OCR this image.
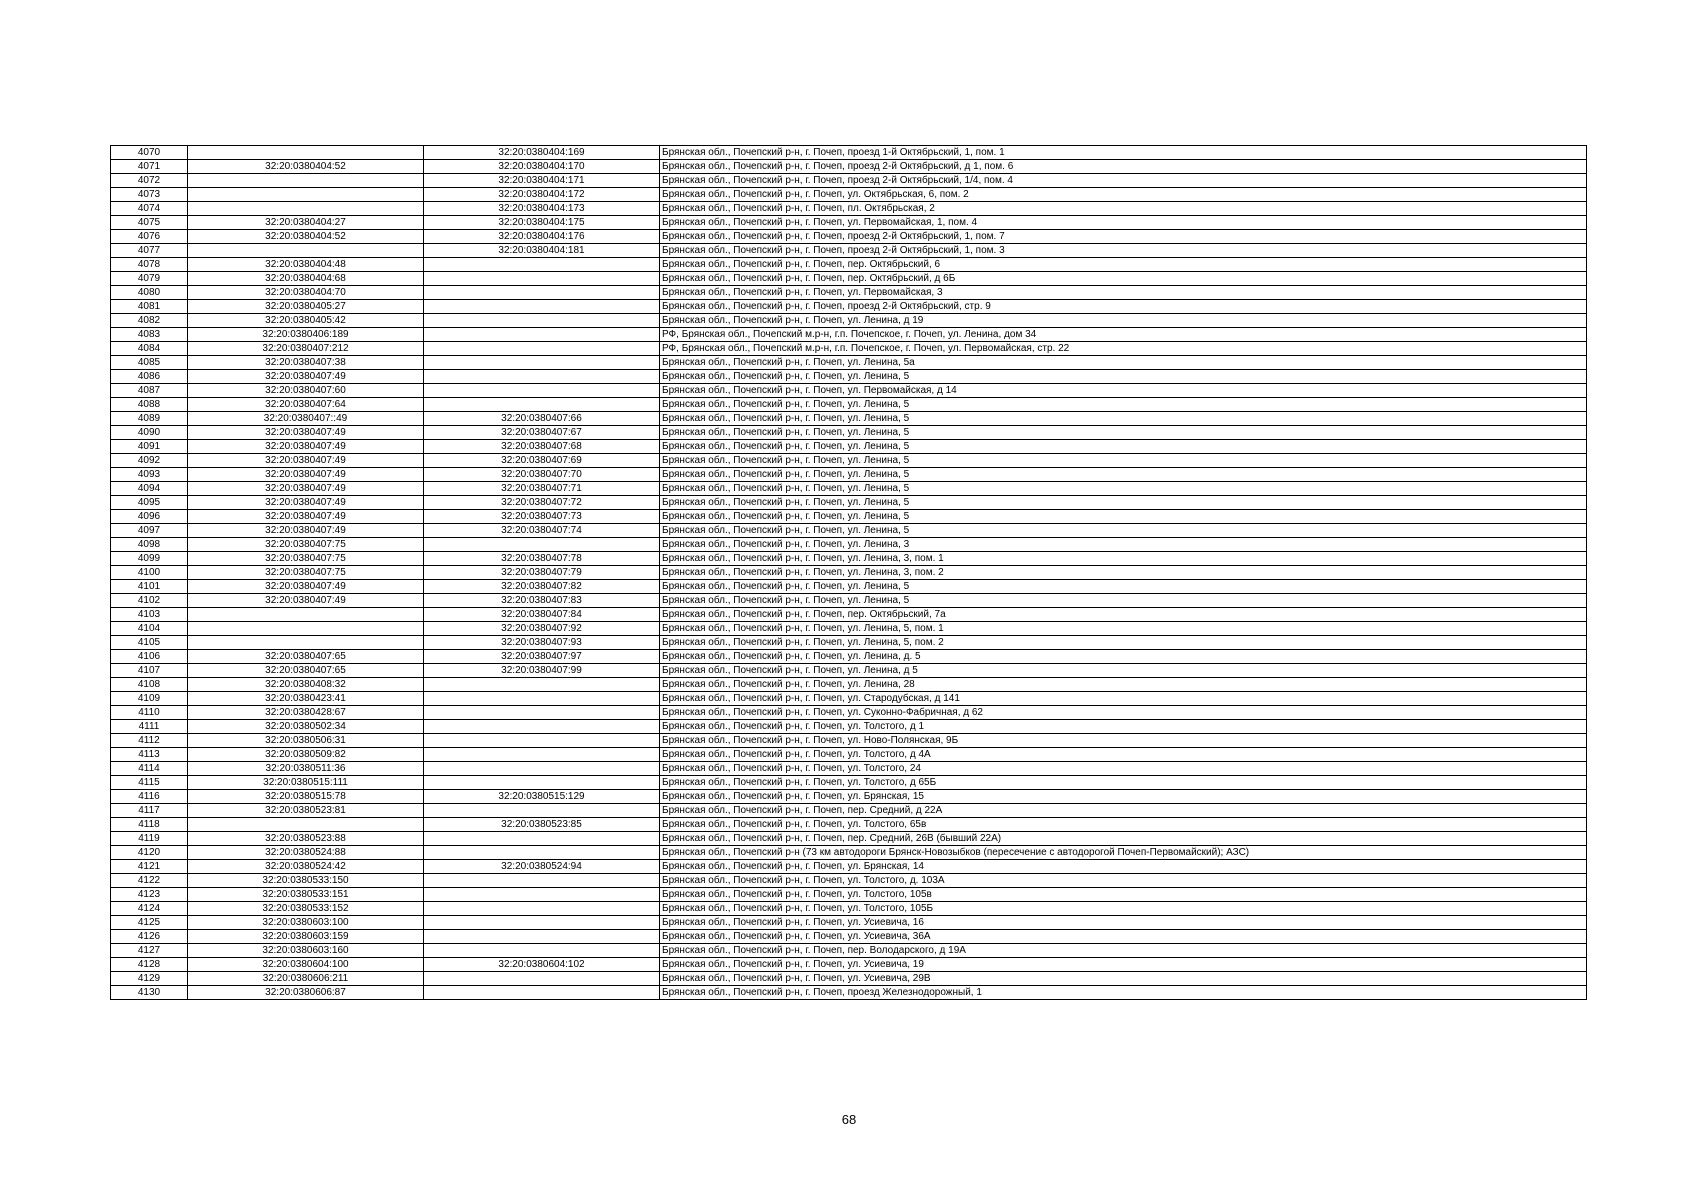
4070		32:20:0380404:169	Брянская обл., Почепский р-н, г. Почеп, проезд 1-й Октябрьский, 1, пом. 1
4071	32:20:0380404:52	32:20:0380404:170	Брянская обл., Почепский р-н, г. Почеп, проезд 2-й Октябрьский, д 1, пом. 6
4072		32:20:0380404:171	Брянская обл., Почепский р-н, г. Почеп, проезд 2-й Октябрьский, 1/4, пом. 4
4073		32:20:0380404:172	Брянская обл., Почепский р-н, г. Почеп, ул. Октябрьская, 6, пом. 2
4074		32:20:0380404:173	Брянская обл., Почепский р-н, г. Почеп, пл. Октябрьская, 2
4075	32:20:0380404:27	32:20:0380404:175	Брянская обл., Почепский р-н, г. Почеп, ул. Первомайская, 1, пом. 4
4076	32:20:0380404:52	32:20:0380404:176	Брянская обл., Почепский р-н, г. Почеп, проезд 2-й Октябрьский, 1, пом. 7
4077		32:20:0380404:181	Брянская обл., Почепский р-н, г. Почеп, проезд 2-й Октябрьский, 1, пом. 3
4078	32:20:0380404:48		Брянская обл., Почепский р-н, г. Почеп, пер. Октябрьский, 6
4079	32:20:0380404:68		Брянская обл., Почепский р-н, г. Почеп, пер. Октябрьский, д 6Б
4080	32:20:0380404:70		Брянская обл., Почепский р-н, г. Почеп, ул. Первомайская, 3
4081	32:20:0380405:27		Брянская обл., Почепский р-н, г. Почеп, проезд 2-й Октябрьский, стр. 9
4082	32:20:0380405:42		Брянская обл., Почепский р-н, г. Почеп, ул. Ленина, д 19
4083	32:20:0380406:189		РФ, Брянская обл., Почепский м.р-н, г.п. Почепское, г. Почеп, ул. Ленина, дом 34
4084	32:20:0380407:212		РФ, Брянская обл., Почепский м.р-н, г.п. Почепское, г. Почеп, ул. Первомайская, стр. 22
4085	32:20:0380407:38		Брянская обл., Почепский р-н, г. Почеп, ул. Ленина, 5а
4086	32:20:0380407:49		Брянская обл., Почепский р-н, г. Почеп, ул. Ленина, 5
4087	32:20:0380407:60		Брянская обл., Почепский р-н, г. Почеп, ул. Первомайская, д 14
4088	32:20:0380407:64		Брянская обл., Почепский р-н, г. Почеп, ул. Ленина, 5
4089	32:20:0380407::49	32:20:0380407:66	Брянская обл., Почепский р-н, г. Почеп, ул. Ленина, 5
4090	32:20:0380407:49	32:20:0380407:67	Брянская обл., Почепский р-н, г. Почеп, ул. Ленина, 5
4091	32:20:0380407:49	32:20:0380407:68	Брянская обл., Почепский р-н, г. Почеп, ул. Ленина, 5
4092	32:20:0380407:49	32:20:0380407:69	Брянская обл., Почепский р-н, г. Почеп, ул. Ленина, 5
4093	32:20:0380407:49	32:20:0380407:70	Брянская обл., Почепский р-н, г. Почеп, ул. Ленина, 5
4094	32:20:0380407:49	32:20:0380407:71	Брянская обл., Почепский р-н, г. Почеп, ул. Ленина, 5
4095	32:20:0380407:49	32:20:0380407:72	Брянская обл., Почепский р-н, г. Почеп, ул. Ленина, 5
4096	32:20:0380407:49	32:20:0380407:73	Брянская обл., Почепский р-н, г. Почеп, ул. Ленина, 5
4097	32:20:0380407:49	32:20:0380407:74	Брянская обл., Почепский р-н, г. Почеп, ул. Ленина, 5
4098	32:20:0380407:75		Брянская обл., Почепский р-н, г. Почеп, ул. Ленина, 3
4099	32:20:0380407:75	32:20:0380407:78	Брянская обл., Почепский р-н, г. Почеп, ул. Ленина, 3, пом. 1
4100	32:20:0380407:75	32:20:0380407:79	Брянская обл., Почепский р-н, г. Почеп, ул. Ленина, 3, пом. 2
4101	32:20:0380407:49	32:20:0380407:82	Брянская обл., Почепский р-н, г. Почеп, ул. Ленина, 5
4102	32:20:0380407:49	32:20:0380407:83	Брянская обл., Почепский р-н, г. Почеп, ул. Ленина, 5
4103		32:20:0380407:84	Брянская обл., Почепский р-н, г. Почеп, пер. Октябрьский, 7а
4104		32:20:0380407:92	Брянская обл., Почепский р-н, г. Почеп, ул. Ленина, 5, пом. 1
4105		32:20:0380407:93	Брянская обл., Почепский р-н, г. Почеп, ул. Ленина, 5, пом. 2
4106	32:20:0380407:65	32:20:0380407:97	Брянская обл., Почепский р-н, г. Почеп, ул. Ленина, д. 5
4107	32:20:0380407:65	32:20:0380407:99	Брянская обл., Почепский р-н, г. Почеп, ул. Ленина, д 5
4108	32:20:0380408:32		Брянская обл., Почепский р-н, г. Почеп, ул. Ленина, 28
4109	32:20:0380423:41		Брянская обл., Почепский р-н, г. Почеп, ул. Стародубская, д 141
4110	32:20:0380428:67		Брянская обл., Почепский р-н, г. Почеп, ул. Суконно-Фабричная, д 62
4111	32:20:0380502:34		Брянская обл., Почепский р-н, г. Почеп, ул. Толстого, д 1
4112	32:20:0380506:31		Брянская обл., Почепский р-н, г. Почеп, ул. Ново-Полянская, 9Б
4113	32:20:0380509:82		Брянская обл., Почепский р-н, г. Почеп, ул. Толстого, д 4А
4114	32:20:0380511:36		Брянская обл., Почепский р-н, г. Почеп, ул. Толстого, 24
4115	32:20:0380515:111		Брянская обл., Почепский р-н, г. Почеп, ул. Толстого, д 65Б
4116	32:20:0380515:78	32:20:0380515:129	Брянская обл., Почепский р-н, г. Почеп, ул. Брянская, 15
4117	32:20:0380523:81		Брянская обл., Почепский р-н, г. Почеп, пер. Средний, д 22А
4118		32:20:0380523:85	Брянская обл., Почепский р-н, г. Почеп, ул. Толстого, 65в
4119	32:20:0380523:88		Брянская обл., Почепский р-н, г. Почеп, пер. Средний, 26В (бывший 22А)
4120	32:20:0380524:88		Брянская обл., Почепский р-н (73 км автодороги Брянск-Новозыбков (пересечение с автодорогой Почеп-Первомайский); АЗС)
4121	32:20:0380524:42	32:20:0380524:94	Брянская обл., Почепский р-н, г. Почеп, ул. Брянская, 14
4122	32:20:0380533:150		Брянская обл., Почепский р-н, г. Почеп, ул. Толстого, д. 103А
4123	32:20:0380533:151		Брянская обл., Почепский р-н, г. Почеп, ул. Толстого, 105в
4124	32:20:0380533:152		Брянская обл., Почепский р-н, г. Почеп, ул. Толстого, 105Б
4125	32:20:0380603:100		Брянская обл., Почепский р-н, г. Почеп, ул. Усиевича, 16
4126	32:20:0380603:159		Брянская обл., Почепский р-н, г. Почеп, ул. Усиевича, 36А
4127	32:20:0380603:160		Брянская обл., Почепский р-н, г. Почеп, пер. Володарского, д 19А
4128	32:20:0380604:100	32:20:0380604:102	Брянская обл., Почепский р-н, г. Почеп, ул. Усиевича, 19
4129	32:20:0380606:211		Брянская обл., Почепский р-н, г. Почеп, ул. Усиевича, 29В
4130	32:20:0380606:87		Брянская обл., Почепский р-н, г. Почеп, проезд Железнодорожный, 1
68
